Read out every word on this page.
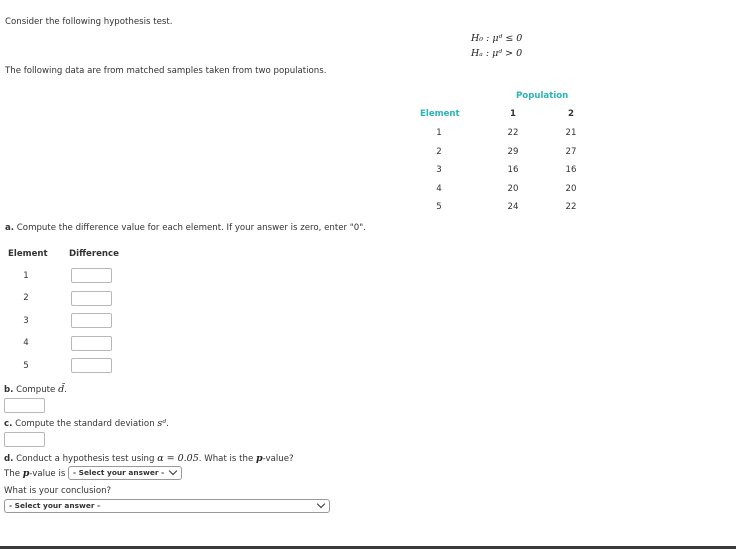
Consider the following hypothesis test.
H₀ : μᵈ ≤ 0
Hₐ : μᵈ > 0
The following data are from matched samples taken from two populations.
Population
Element	1	2
1	22	21
2	29	27
3	16	16
4	20	20
5	24	22
a. Compute the difference value for each element. If your answer is zero, enter "0".
Element Difference
1
2
3
4
5
b. Compute d̄.
c. Compute the standard deviation sᵈ.
d. Conduct a hypothesis test using α = 0.05. What is the p-value?
The p-value is	- Select your answer -
What is your conclusion?
- Select your answer -
